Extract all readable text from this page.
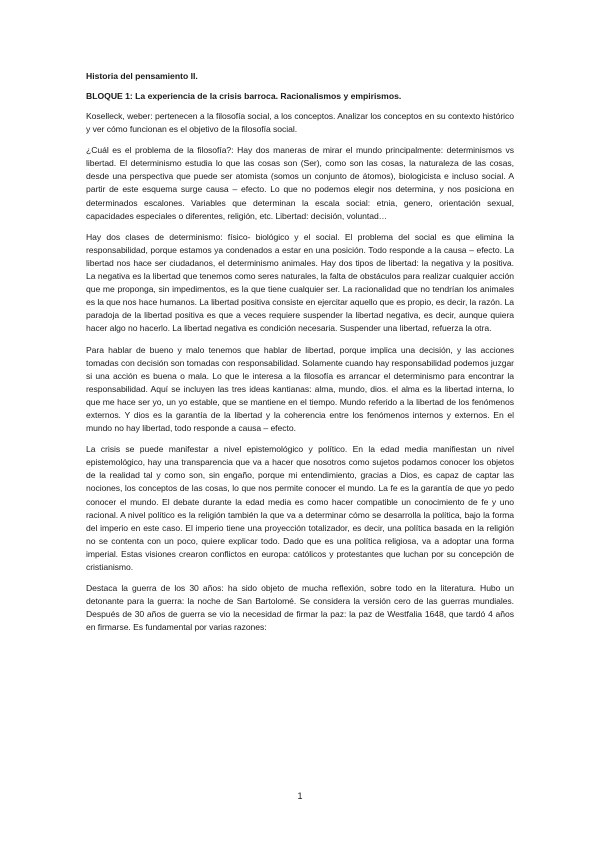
Historia del pensamiento II.
BLOQUE 1: La experiencia de la crisis barroca. Racionalismos y empirismos.

Koselleck, weber: pertenecen a la filosofía social, a los conceptos. Analizar los conceptos en su contexto histórico y ver cómo funcionan es el objetivo de la filosofía social.

¿Cuál es el problema de la filosofía?: Hay dos maneras de mirar el mundo principalmente: determinismos vs libertad. El determinismo estudia lo que las cosas son (Ser), como son las cosas, la naturaleza de las cosas, desde una perspectiva que puede ser atomista (somos un conjunto de átomos), biologicista e incluso social. A partir de este esquema surge causa – efecto. Lo que no podemos elegir nos determina, y nos posiciona en determinados escalones. Variables que determinan la escala social: etnia, genero, orientación sexual, capacidades especiales o diferentes, religión, etc. Libertad: decisión, voluntad…

Hay dos clases de determinismo: físico- biológico y el social. El problema del social es que elimina la responsabilidad, porque estamos ya condenados a estar en una posición. Todo responde a la causa – efecto. La libertad nos hace ser ciudadanos, el determinismo animales. Hay dos tipos de libertad: la negativa y la positiva. La negativa es la libertad que tenemos como seres naturales, la falta de obstáculos para realizar cualquier acción que me proponga, sin impedimentos, es la que tiene cualquier ser. La racionalidad que no tendrían los animales es la que nos hace humanos. La libertad positiva consiste en ejercitar aquello que es propio, es decir, la razón. La paradoja de la libertad positiva es que a veces requiere suspender la libertad negativa, es decir, aunque quiera hacer algo no hacerlo. La libertad negativa es condición necesaria. Suspender una libertad, refuerza la otra.

Para hablar de bueno y malo tenemos que hablar de libertad, porque implica una decisión, y las acciones tomadas con decisión son tomadas con responsabilidad. Solamente cuando hay responsabilidad podemos juzgar si una acción es buena o mala. Lo que le interesa a la filosofía es arrancar el determinismo para encontrar la responsabilidad. Aquí se incluyen las tres ideas kantianas: alma, mundo, dios. el alma es la libertad interna, lo que me hace ser yo, un yo estable, que se mantiene en el tiempo. Mundo referido a la libertad de los fenómenos externos. Y dios es la garantía de la libertad y la coherencia entre los fenómenos internos y externos. En el mundo no hay libertad, todo responde a causa – efecto.

La crisis se puede manifestar a nivel epistemológico y político. En la edad media manifiestan un nivel epistemológico, hay una transparencia que va a hacer que nosotros como sujetos podamos conocer los objetos de la realidad tal y como son, sin engaño, porque mi entendimiento, gracias a Dios, es capaz de captar las nociones, los conceptos de las cosas, lo que nos permite conocer el mundo. La fe es la garantía de que yo pedo conocer el mundo. El debate durante la edad media es como hacer compatible un conocimiento de fe y uno racional. A nivel político es la religión también la que va a determinar cómo se desarrolla la política, bajo la forma del imperio en este caso. El imperio tiene una proyección totalizador, es decir, una política basada en la religión no se contenta con un poco, quiere explicar todo. Dado que es una política religiosa, va a adoptar una forma imperial. Estas visiones crearon conflictos en europa: católicos y protestantes que luchan por su concepción de cristianismo.

Destaca la guerra de los 30 años: ha sido objeto de mucha reflexión, sobre todo en la literatura. Hubo un detonante para la guerra: la noche de San Bartolomé. Se considera la versión cero de las guerras mundiales. Después de 30 años de guerra se vio la necesidad de firmar la paz: la paz de Westfalia 1648, que tardó 4 años en firmarse. Es fundamental por varias razones:

1
